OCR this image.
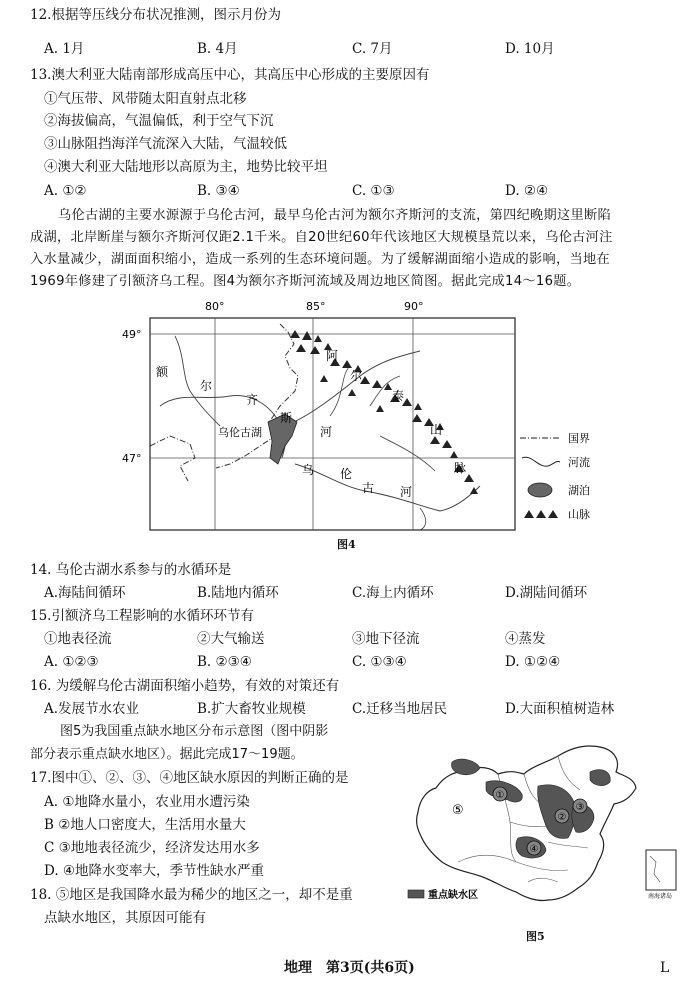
12.根据等压线分布状况推测，图示月份为
A. 1月	B. 4月	C. 7月	D. 10月
13.澳大利亚大陆南部形成高压中心，其高压中心形成的主要原因有
①气压带、风带随太阳直射点北移
②海拔偏高，气温偏低，利于空气下沉
③山脉阻挡海洋气流深入大陆，气温较低
④澳大利亚大陆地形以高原为主，地势比较平坦
A. ①②	B. ③④	C. ①③	D. ②④

乌伦古湖的主要水源源于乌伦古河，最早乌伦古河为额尔齐斯河的支流，第四纪晚期这里断陷

成湖，北岸断崖与额尔齐斯河仅距2.1千米。自20世纪60年代该地区大规模垦荒以来，乌伦古河注

入水量减少，湖面面积缩小，造成一系列的生态环境问题。为了缓解湖面缩小造成的影响，当地在

1969年修建了引额济乌工程。图4为额尔齐斯河流域及周边地区简图。据此完成14～16题。

80°	85°	90°
49°
47°
额
尔
齐
斯
河
阿
尔
泰
山
脉
乌伦古湖
乌 伦
古 河
国界
河流
湖泊
山脉
图4
14. 乌伦古湖水系参与的水循环是
A.海陆间循环	B.陆地内循环	C.海上内循环	D.湖陆间循环
15.引额济乌工程影响的水循环环节有
①地表径流	②大气输送	③地下径流	④蒸发
A. ①②③	B. ②③④	C. ①③④	D. ①②④
16. 为缓解乌伦古湖面积缩小趋势，有效的对策还有
A.发展节水农业	B.扩大畜牧业规模	C.迁移当地居民	D.大面积植树造林
图5为我国重点缺水地区分布示意图（图中阴影
部分表示重点缺水地区）。据此完成17～19题。
17.图中①、②、③、④地区缺水原因的判断正确的是
A. ①地降水量小，农业用水遭污染
B ②地人口密度大，生活用水量大
C ③地地表径流少，经济发达用水多
D. ④地降水变率大，季节性缺水严重
18. ⑤地区是我国降水最为稀少的地区之一，却不是重
点缺水地区，其原因可能有
①
②
③
④
⑤
南海诸岛
重点缺水区
图5
地理　第3页(共6页)	L
